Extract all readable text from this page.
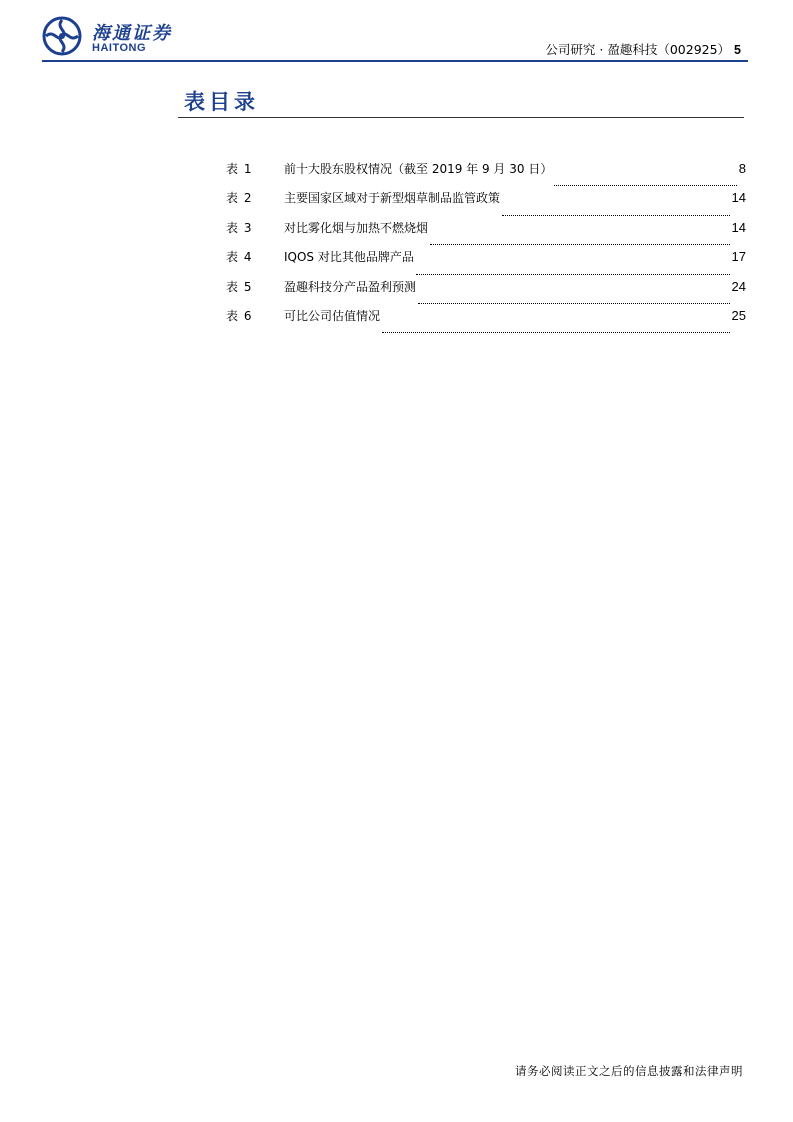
海通证券
HAITONG	公司研究 · 盈趣科技（002925） 5
表目录
表 1	前十大股东股权情况（截至 2019 年 9 月 30 日）	8
表 2	主要国家区域对于新型烟草制品监管政策	14
表 3	对比雾化烟与加热不燃烧烟	14
表 4	IQOS 对比其他品牌产品	17
表 5	盈趣科技分产品盈利预测	24
表 6	可比公司估值情况	25
请务必阅读正文之后的信息披露和法律声明
